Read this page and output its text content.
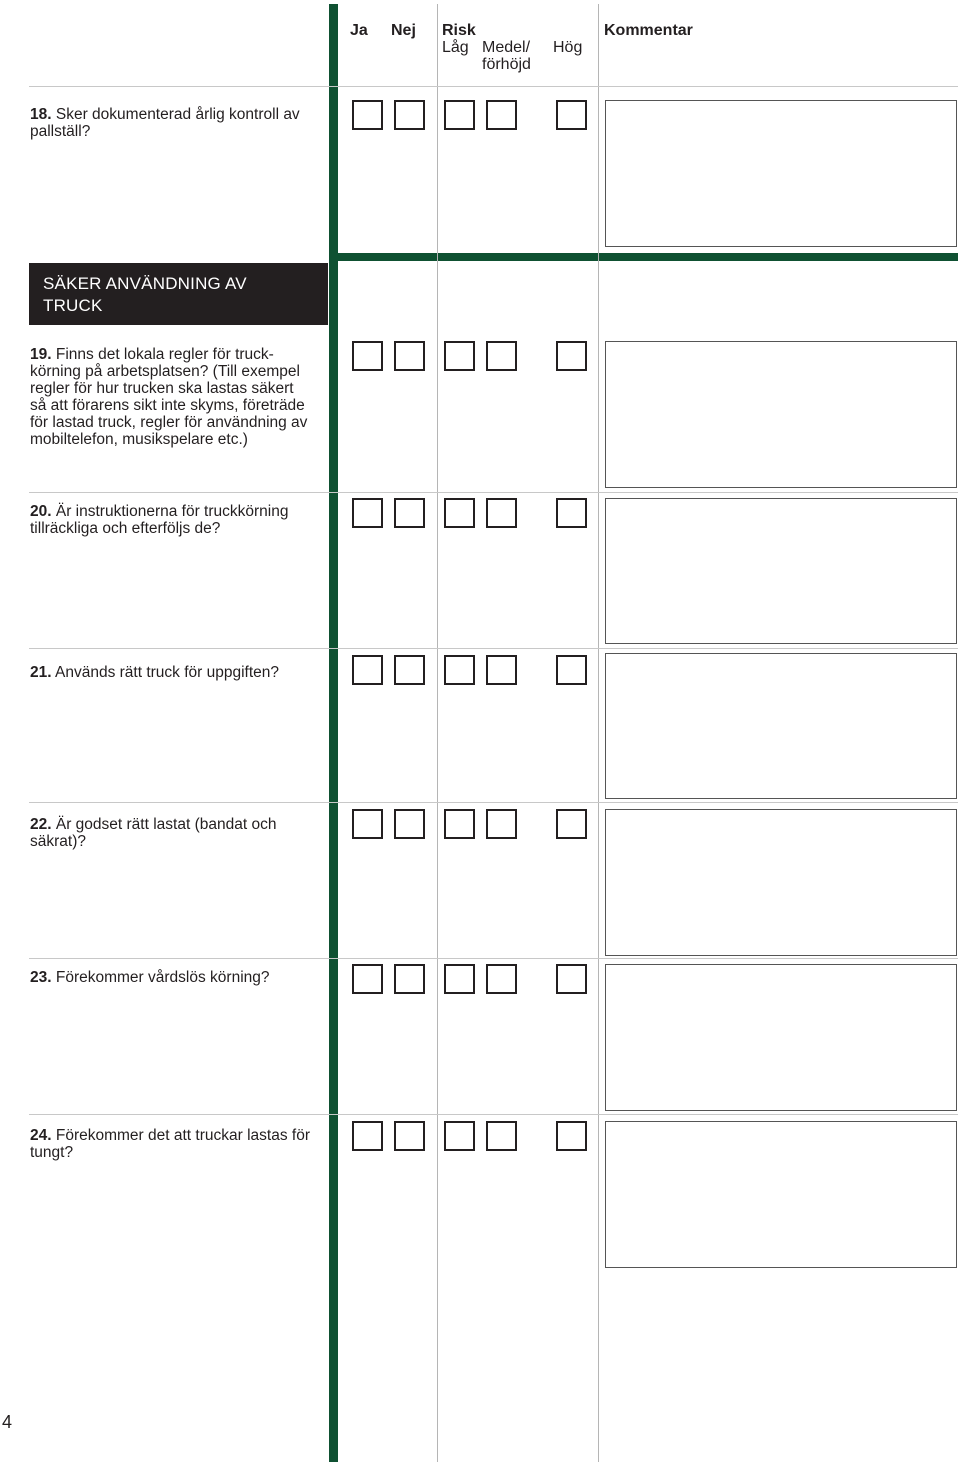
Ja Nej Risk
Låg Medel/
förhöjd
Hög
Kommentar
SÄKER ANVÄNDNING AV
TRUCK
18. Sker dokumenterad årlig kontroll av
pallställ?
19. Finns det lokala regler för truck-
körning på arbetsplatsen? (Till exempel
regler för hur trucken ska lastas säkert
så att förarens sikt inte skyms, företräde
för lastad truck, regler för användning av
mobiltelefon, musikspelare etc.)
20. Är instruktionerna för truckkörning
tillräckliga och efterföljs de?
21. Används rätt truck för uppgiften?
22. Är godset rätt lastat (bandat och
säkrat)?
23. Förekommer vårdslös körning?
24. Förekommer det att truckar lastas för
tungt?
4
